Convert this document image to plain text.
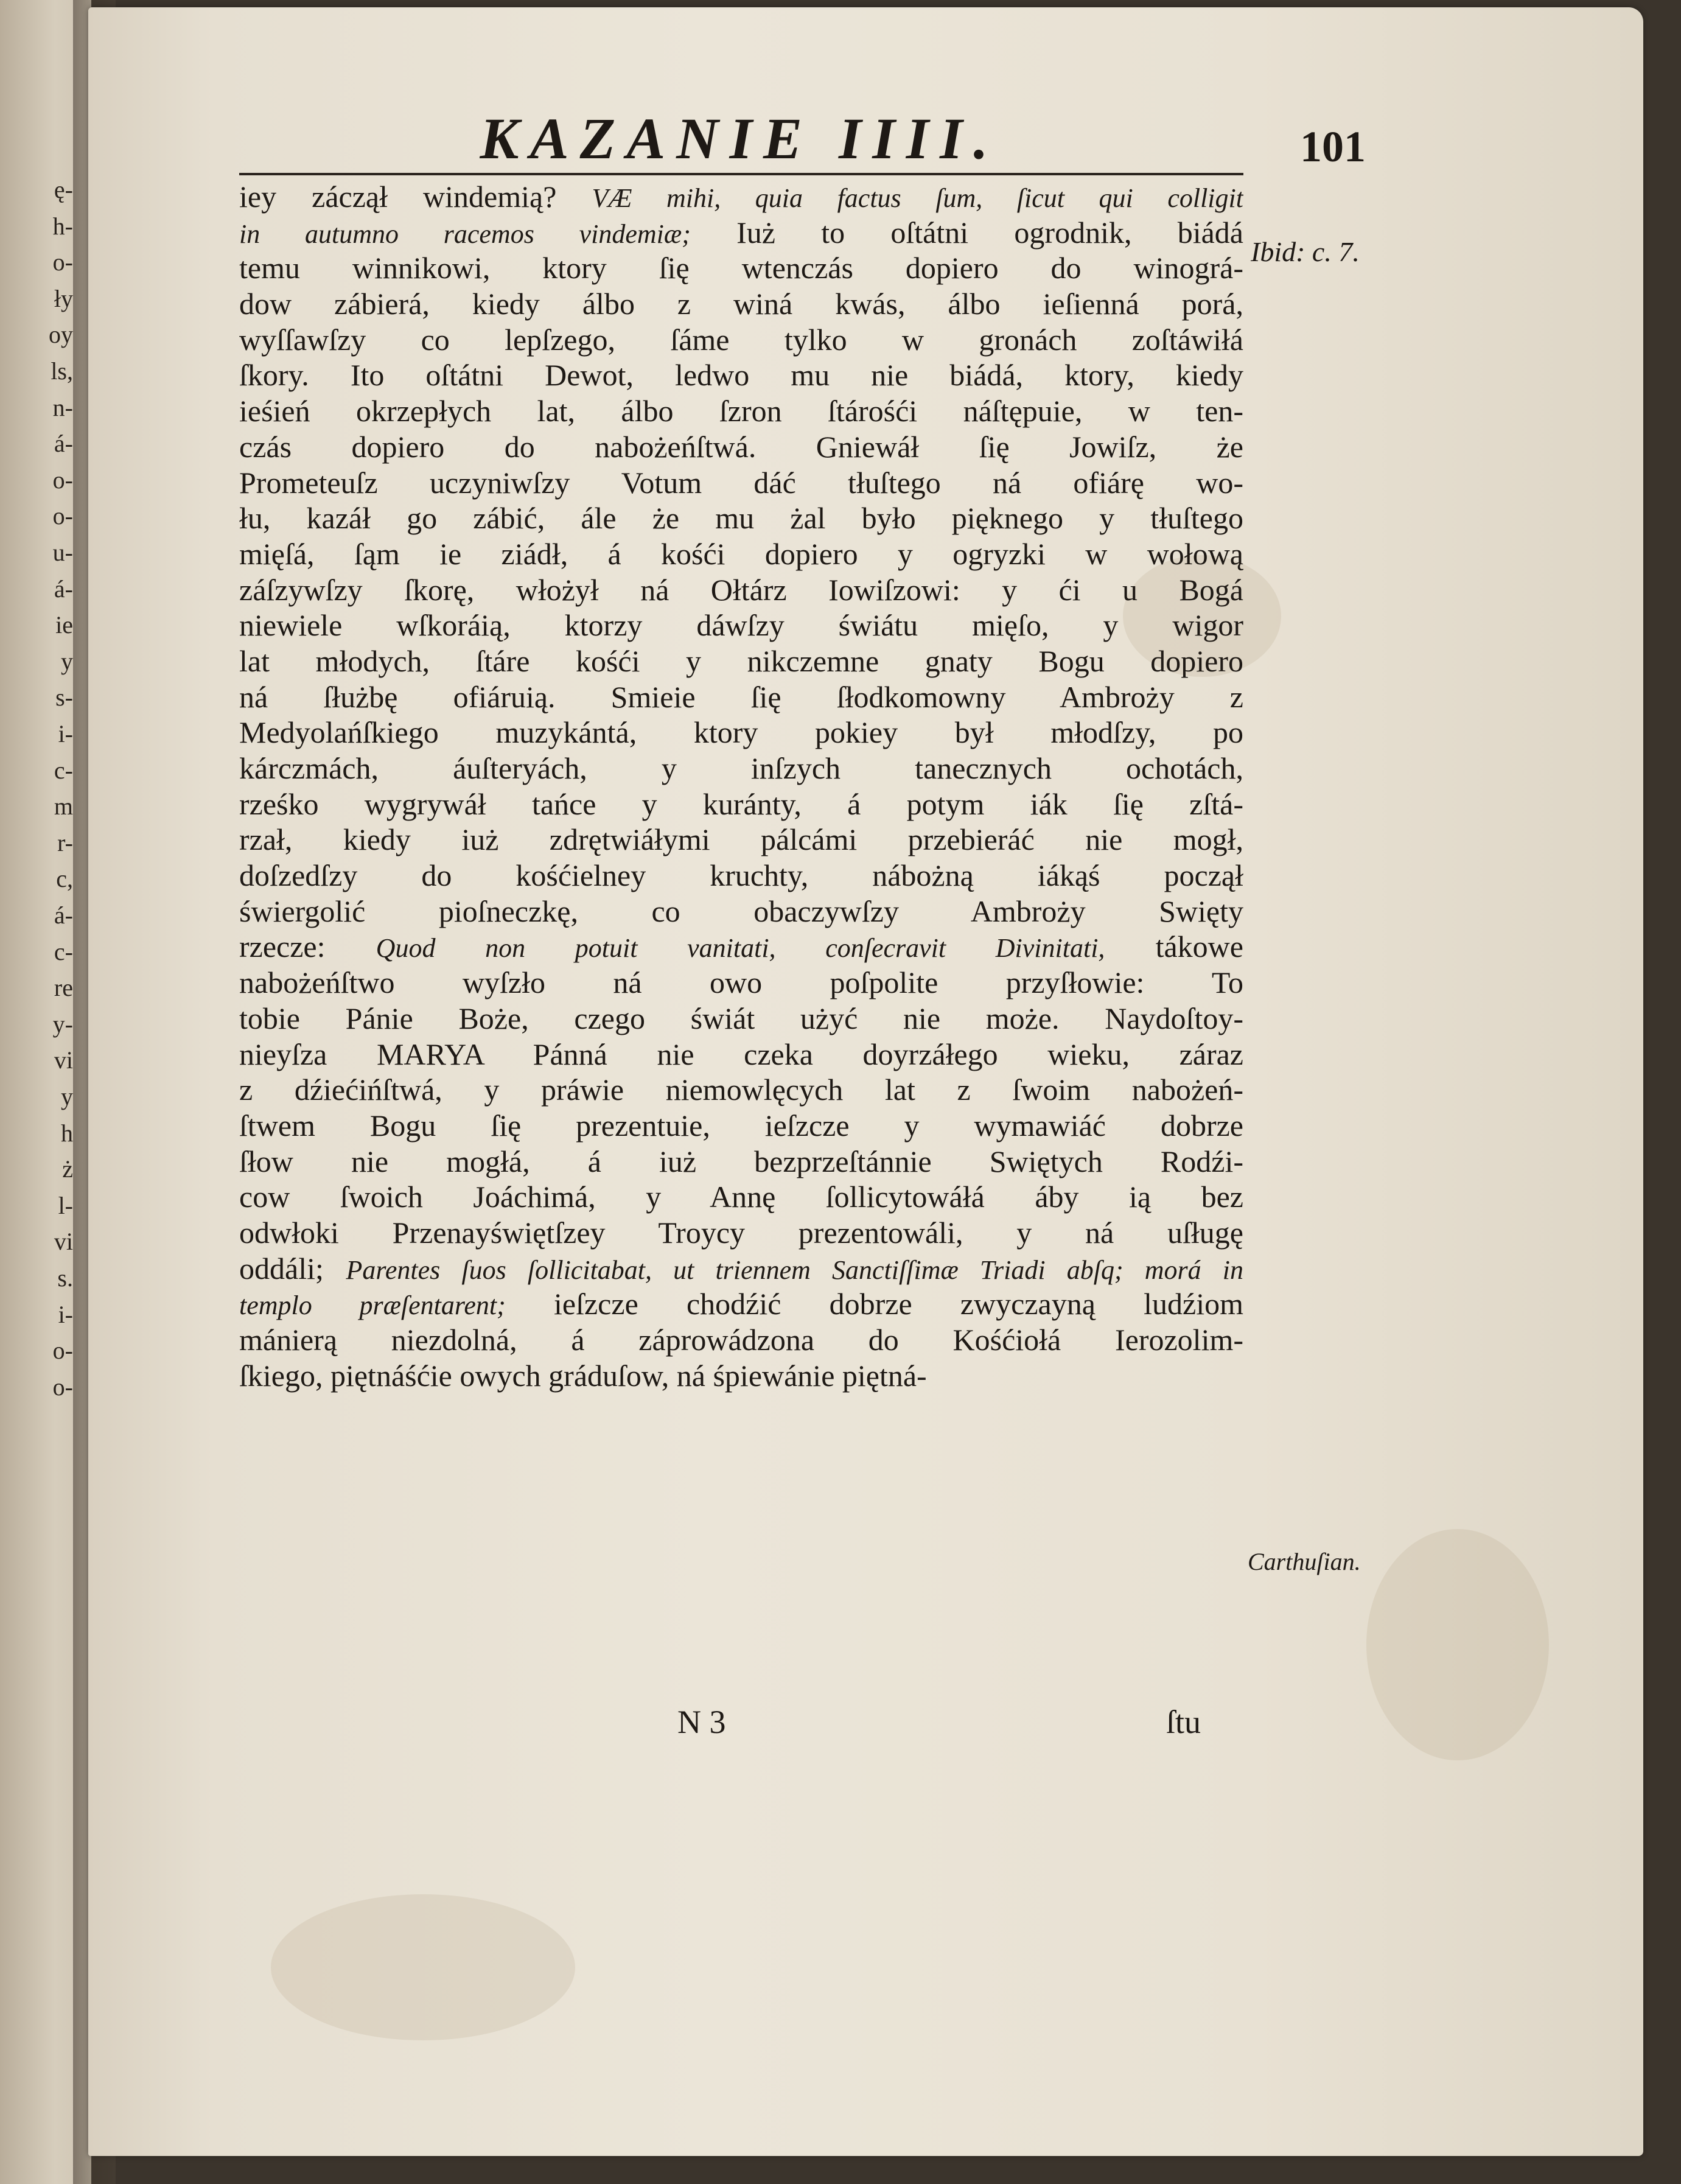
ę-
h-
o-
ły
oy
ls,
n-
á-
o-
o-
u-
á-
ie
y
s-
i-
c-
m
r-
c,
á-
c-
re
y-
vi
y
h
ż
l-
vi
s.
i-
o-
o-
KAZANIE IIII.	101
iey záczął windemią? VÆ mihi, quia factus ſum, ſicut qui colligit
in autumno racemos vindemiæ; Iuż to oſtátni ogrodnik, biádá
temu winnikowi, ktory ſię wtenczás dopiero do winográ-
dow zábierá, kiedy álbo z winá kwás, álbo ieſienná porá,
wyſſawſzy co lepſzego, ſáme tylko w gronách zoſtáwiłá
ſkory. Ito oſtátni Dewot, ledwo mu nie biádá, ktory, kiedy
ieśień okrzepłych lat, álbo ſzron ſtárośći náſtępuie, w ten-
czás dopiero do nabożeńſtwá. Gniewáł ſię Jowiſz, że
Prometeuſz uczyniwſzy Votum dáć tłuſtego ná ofiárę wo-
łu, kazáł go zábić, ále że mu żal było pięknego y tłuſtego
mięſá, ſąm ie ziádł, á kośći dopiero y ogryzki w wołową
záſzywſzy ſkorę, włożył ná Ołtárz Iowiſzowi: y ći u Bogá
niewiele wſkoráią, ktorzy dáwſzy świátu mięſo, y wigor
lat młodych, ſtáre kośći y nikczemne gnaty Bogu dopiero
ná ſłużbę ofiáruią. Smieie ſię ſłodkomowny Ambroży z
Medyolańſkiego muzykántá, ktory pokiey był młodſzy, po
kárczmách, áuſteryách, y inſzych tanecznych ochotách,
rześko wygrywáł tańce y kuránty, á potym iák ſię zſtá-
rzał, kiedy iuż zdrętwiáłymi pálcámi przebieráć nie mogł,
doſzedſzy do kośćielney kruchty, nábożną iákąś począł
świergolić pioſneczkę, co obaczywſzy Ambroży Swięty
rzecze: Quod non potuit vanitati, conſecravit Divinitati, tákowe
nabożeńſtwo wyſzło ná owo poſpolite przyſłowie: To
tobie Pánie Boże, czego świát użyć nie może. Naydoſtoy-
nieyſza MARYA Pánná nie czeka doyrzáłego wieku, zárаz
z dźiećińſtwá, y práwie niemowlęcych lat z ſwoim nabożeń-
ſtwem Bogu ſię prezentuie, ieſzcze y wymawiáć dobrze
ſłow nie mogłá, á iuż bezprzeſtánnie Swiętych Rodźi-
cow ſwoich Joáchimá, y Annę ſollicytowáłá áby ią bez
odwłoki Przenayświętſzey Troycy prezentowáli, y ná uſługę
oddáli; Parentes ſuos ſollicitabat, ut triennem Sanctiſſimæ Triadi abſq; morá in
templo præſentarent; ieſzcze chodźić dobrze zwyczayną ludźiom
mánierą niezdolná, á záprowádzona do Kośćiołá Ierozolim-
ſkiego, piętnáśćie owych gráduſow, ná śpiewánie piętná-
Ibid: c. 7.
Carthuſian.
N 3	ſtu
